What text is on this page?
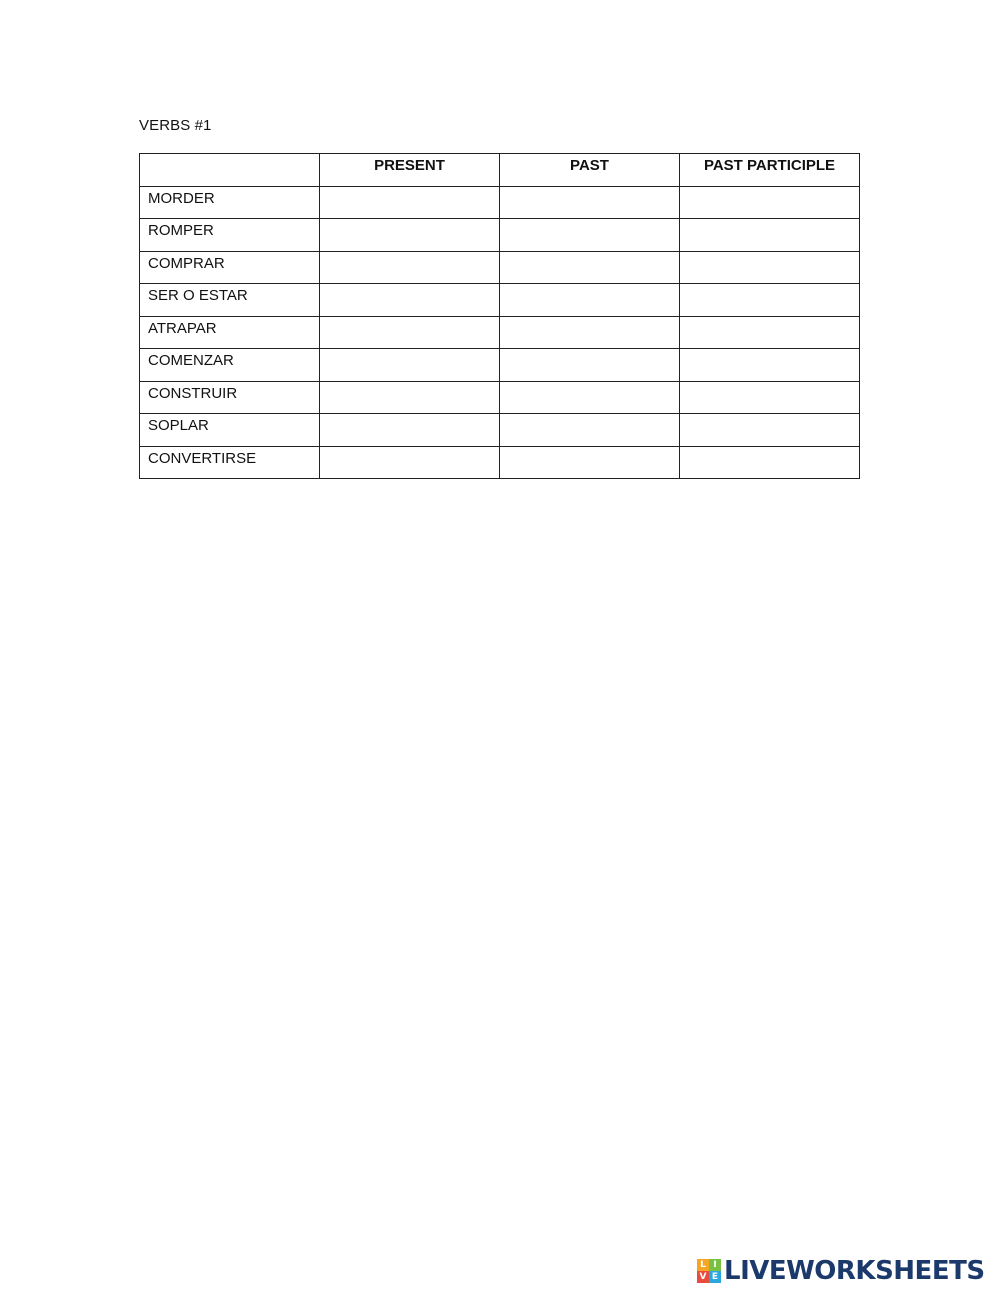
VERBS #1
	PRESENT	PAST	PAST PARTICIPLE
MORDER			
ROMPER			
COMPRAR			
SER O ESTAR			
ATRAPAR			
COMENZAR			
CONSTRUIR			
SOPLAR			
CONVERTIRSE			
L I
V E LIVEWORKSHEETS
